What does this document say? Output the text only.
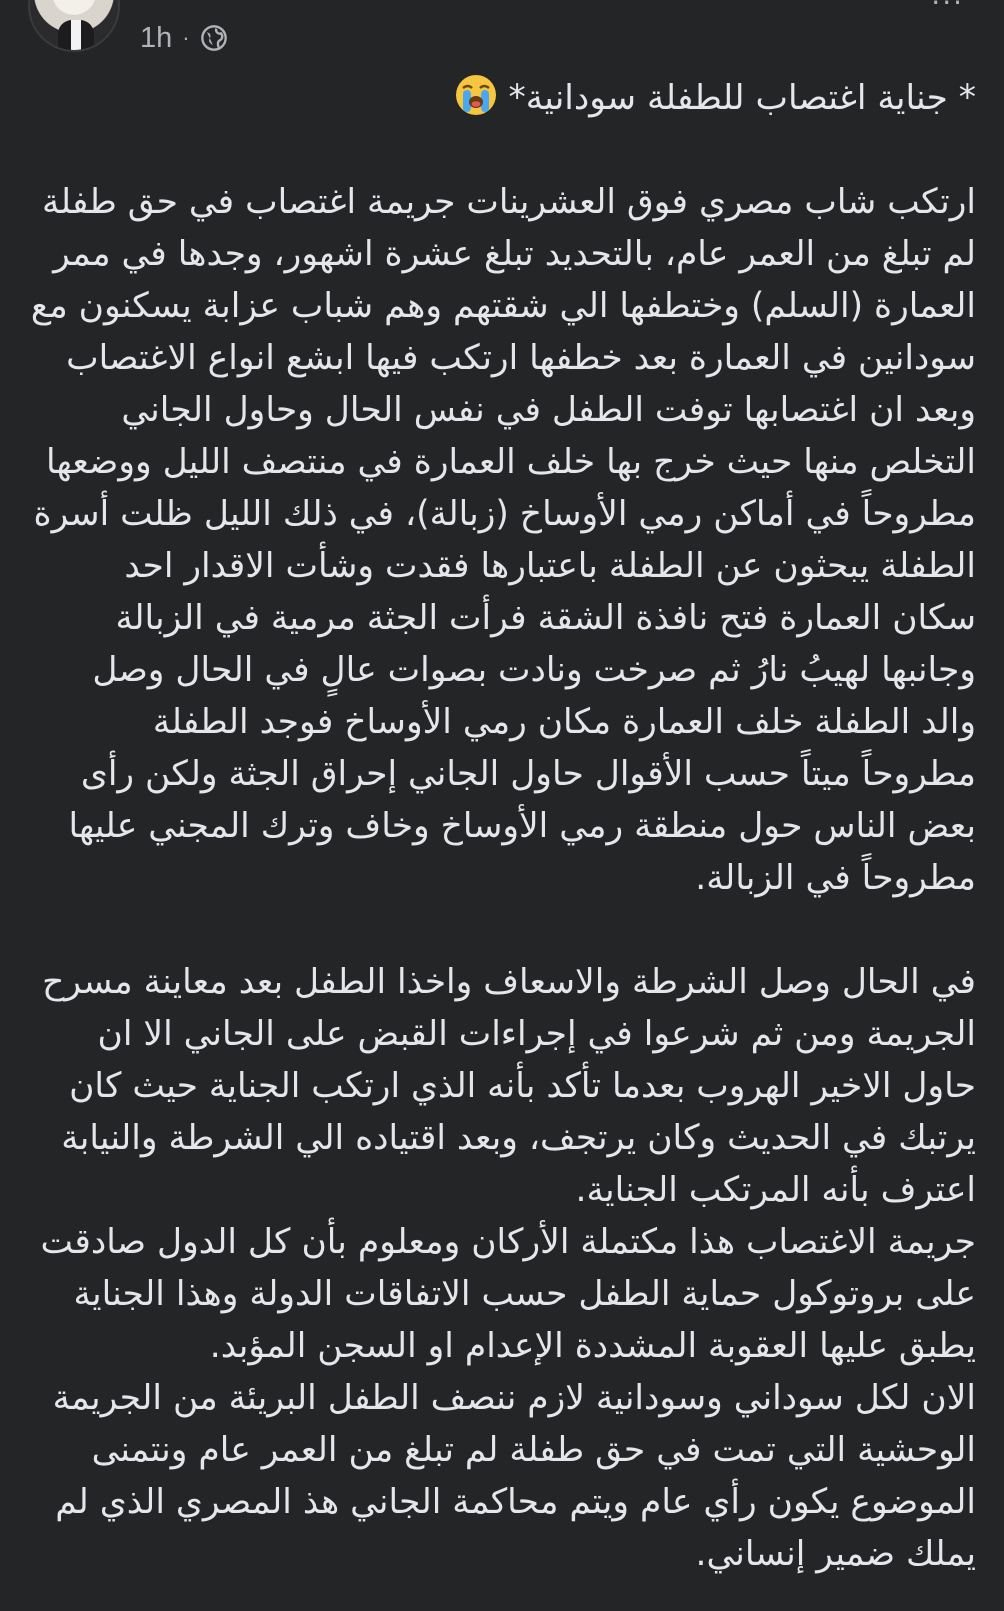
1h ·
···

* جناية اغتصاب للطفلة سودانية*

ارتكب شاب مصري فوق العشرينات جريمة اغتصاب في حق طفلة لم تبلغ من العمر عام، بالتحديد تبلغ عشرة اشهور، وجدها في ممر العمارة (السلم) وختطفها الي شقتهم وهم شباب عزابة يسكنون مع سودانين في العمارة بعد خطفها ارتكب فيها ابشع انواع الاغتصاب وبعد ان اغتصابها توفت الطفل في نفس الحال وحاول الجاني التخلص منها حيث خرج بها خلف العمارة في منتصف الليل ووضعها مطروحاً في أماكن رمي الأوساخ (زبالة)، في ذلك الليل ظلت أسرة الطفلة يبحثون عن الطفلة باعتبارها فقدت وشأت الاقدار احد سكان العمارة فتح نافذة الشقة فرأت الجثة مرمية في الزبالة وجانبها لهيبُ نارُ ثم صرخت ونادت بصوات عالٍ في الحال وصل والد الطفلة خلف العمارة مكان رمي الأوساخ فوجد الطفلة مطروحاً ميتاً حسب الأقوال حاول الجاني إحراق الجثة ولكن رأى بعض الناس حول منطقة رمي الأوساخ وخاف وترك المجني عليها مطروحاً في الزبالة.

في الحال وصل الشرطة والاسعاف واخذا الطفل بعد معاينة مسرح الجريمة ومن ثم شرعوا في إجراءات القبض على الجاني الا ان حاول الاخير الهروب بعدما تأكد بأنه الذي ارتكب الجناية حيث كان يرتبك في الحديث وكان يرتجف، وبعد اقتياده الي الشرطة والنيابة اعترف بأنه المرتكب الجناية.

جريمة الاغتصاب هذا مكتملة الأركان ومعلوم بأن كل الدول صادقت على بروتوكول حماية الطفل حسب الاتفاقات الدولة وهذا الجناية يطبق عليها العقوبة المشددة الإعدام او السجن المؤبد.

الان لكل سوداني وسودانية لازم ننصف الطفل البريئة من الجريمة الوحشية التي تمت في حق طفلة لم تبلغ من العمر عام ونتمنى الموضوع يكون رأي عام ويتم محاكمة الجاني هذ المصري الذي لم يملك ضمير إنساني.
